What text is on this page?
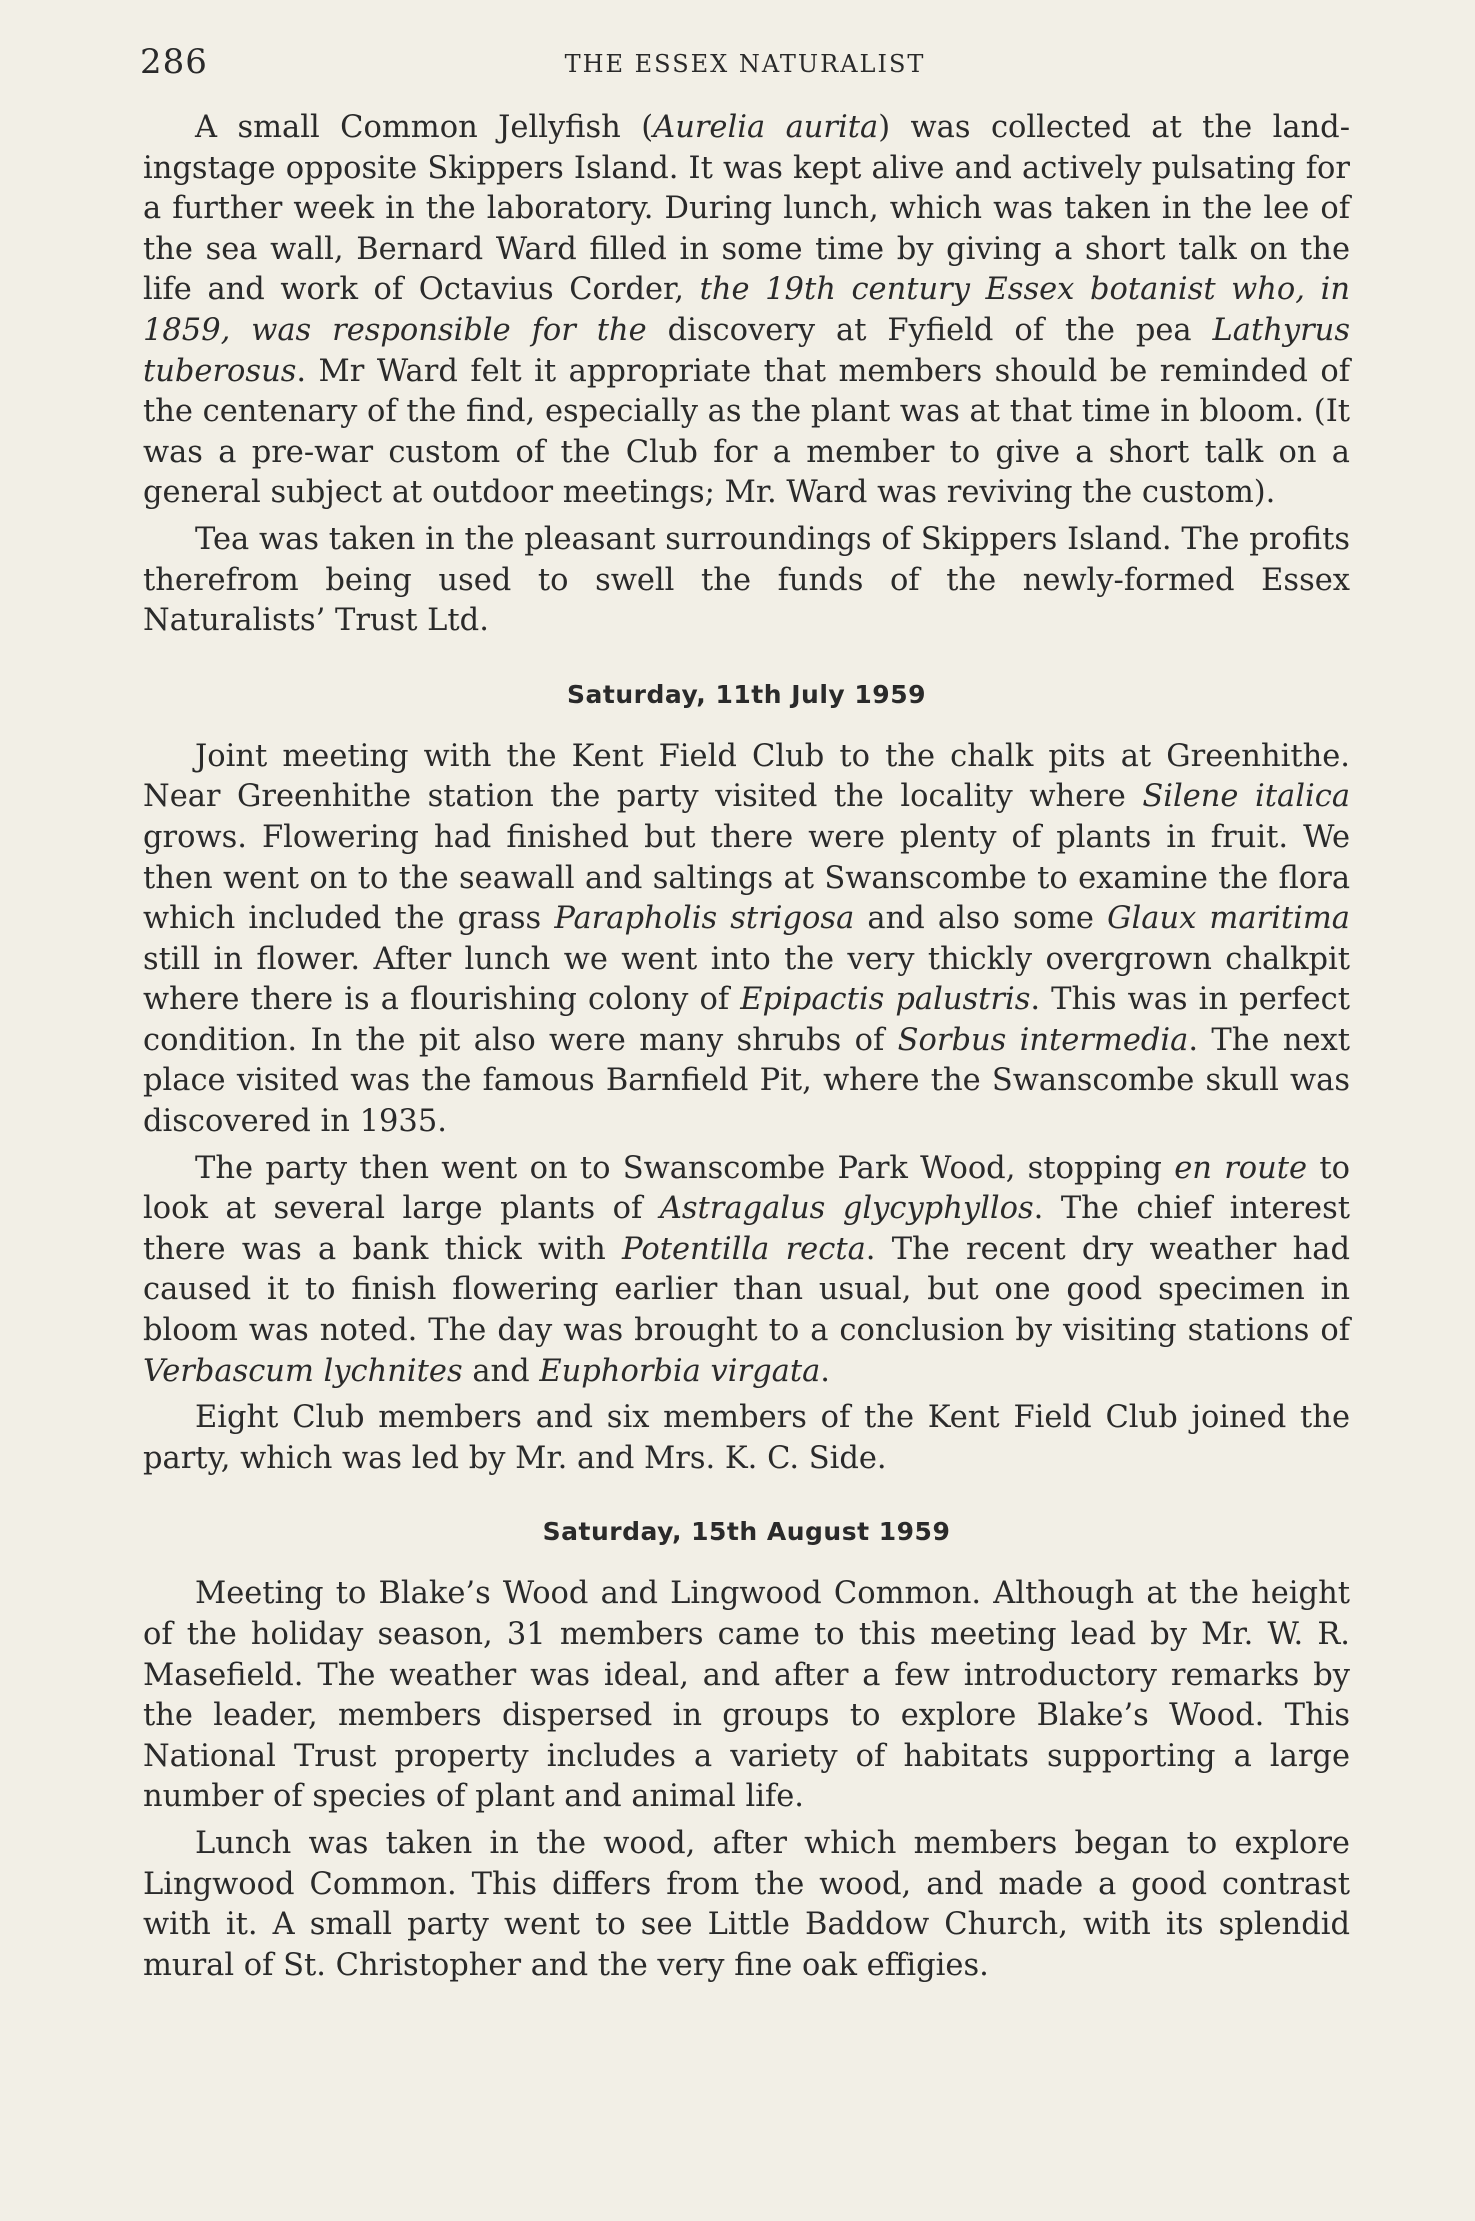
286	THE ESSEX NATURALIST

A small Common Jellyfish (Aurelia aurita) was collected at the landingstage opposite Skippers Island. It was kept alive and actively pulsating for a further week in the laboratory. During lunch, which was taken in the lee of the sea wall, Bernard Ward filled in some time by giving a short talk on the life and work of Octavius Corder, the 19th century Essex botanist who, in 1859, was responsible for the discovery at Fyfield of the pea Lathyrus tuberosus. Mr Ward felt it appropriate that members should be reminded of the centenary of the find, especially as the plant was at that time in bloom. (It was a pre-war custom of the Club for a member to give a short talk on a general subject at outdoor meetings; Mr. Ward was reviving the custom).

Tea was taken in the pleasant surroundings of Skippers Island. The profits therefrom being used to swell the funds of the newly-formed Essex Naturalists’ Trust Ltd.

Saturday, 11th July 1959

Joint meeting with the Kent Field Club to the chalk pits at Greenhithe. Near Greenhithe station the party visited the locality where Silene italica grows. Flowering had finished but there were plenty of plants in fruit. We then went on to the seawall and saltings at Swanscombe to examine the flora which included the grass Parapholis strigosa and also some Glaux maritima still in flower. After lunch we went into the very thickly overgrown chalkpit where there is a flourishing colony of Epipactis palustris. This was in perfect condition. In the pit also were many shrubs of Sorbus intermedia. The next place visited was the famous Barnfield Pit, where the Swanscombe skull was discovered in 1935.

The party then went on to Swanscombe Park Wood, stopping en route to look at several large plants of Astragalus glycyphyllos. The chief interest there was a bank thick with Potentilla recta. The recent dry weather had caused it to finish flowering earlier than usual, but one good specimen in bloom was noted. The day was brought to a conclusion by visiting stations of Verbascum lychnites and Euphorbia virgata.

Eight Club members and six members of the Kent Field Club joined the party, which was led by Mr. and Mrs. K. C. Side.

Saturday, 15th August 1959

Meeting to Blake’s Wood and Lingwood Common. Although at the height of the holiday season, 31 members came to this meeting lead by Mr. W. R. Masefield. The weather was ideal, and after a few introductory remarks by the leader, members dispersed in groups to explore Blake’s Wood. This National Trust property includes a variety of habitats supporting a large number of species of plant and animal life.

Lunch was taken in the wood, after which members began to explore Lingwood Common. This differs from the wood, and made a good contrast with it. A small party went to see Little Baddow Church, with its splendid mural of St. Christopher and the very fine oak effigies.
